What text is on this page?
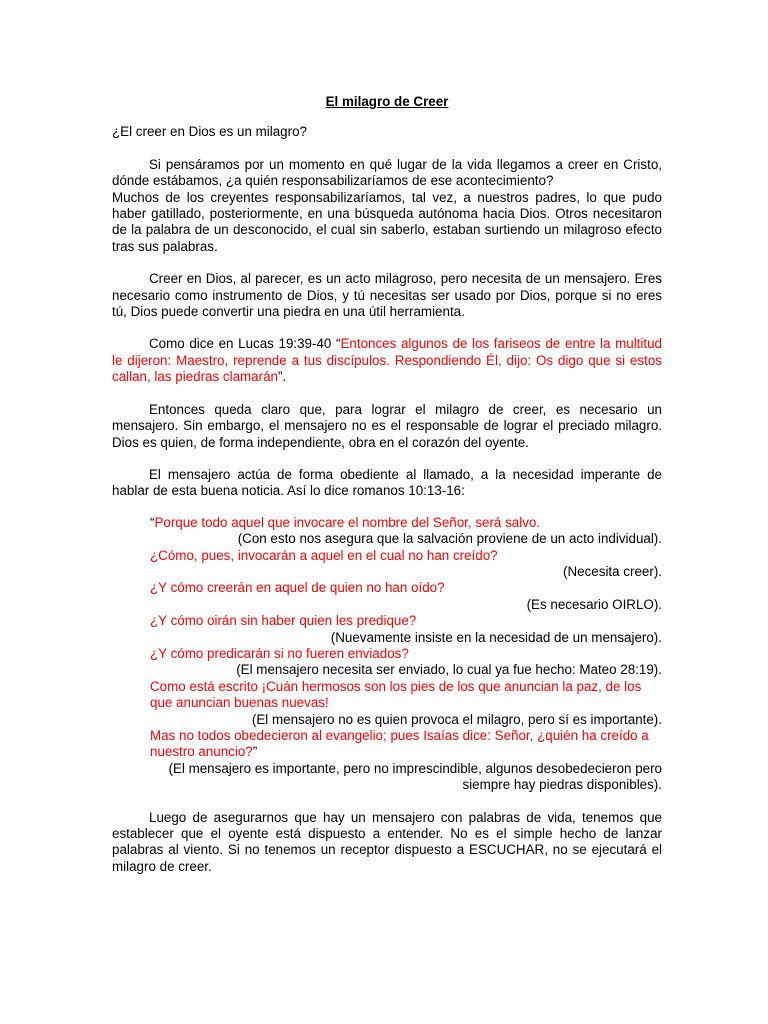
El milagro de Creer

¿El creer en Dios es un milagro?

Si pensáramos por un momento en qué lugar de la vida llegamos a creer en Cristo, dónde estábamos, ¿a quién responsabilizaríamos de ese acontecimiento?

Muchos de los creyentes responsabilizaríamos, tal vez, a nuestros padres, lo que pudo haber gatillado, posteriormente, en una búsqueda autónoma hacia Dios. Otros necesitaron de la palabra de un desconocido, el cual sin saberlo, estaban surtiendo un milagroso efecto tras sus palabras.

Creer en Dios, al parecer, es un acto milagroso, pero necesita de un mensajero. Eres necesario como instrumento de Dios, y tú necesitas ser usado por Dios, porque si no eres tú, Dios puede convertir una piedra en una útil herramienta.

Como dice en Lucas 19:39-40 “Entonces algunos de los fariseos de entre la multitud le dijeron: Maestro, reprende a tus discípulos. Respondiendo Él, dijo: Os digo que si estos callan, las piedras clamarán”.

Entonces queda claro que, para lograr el milagro de creer, es necesario un mensajero. Sin embargo, el mensajero no es el responsable de lograr el preciado milagro. Dios es quien, de forma independiente, obra en el corazón del oyente.

El mensajero actúa de forma obediente al llamado, a la necesidad imperante de hablar de esta buena noticia. Así lo dice romanos 10:13-16:

“Porque todo aquel que invocare el nombre del Señor, será salvo.

(Con esto nos asegura que la salvación proviene de un acto individual).

¿Cómo, pues, invocarán a aquel en el cual no han creído?

(Necesita creer).

¿Y cómo creerán en aquel de quien no han oído?

(Es necesario OIRLO).

¿Y cómo oirán sin haber quien les predique?

(Nuevamente insiste en la necesidad de un mensajero).

¿Y cómo predicarán si no fueren enviados?

(El mensajero necesita ser enviado, lo cual ya fue hecho: Mateo 28:19).

Como está escrito ¡Cuán hermosos son los pies de los que anuncian la paz, de los que anuncian buenas nuevas!

(El mensajero no es quien provoca el milagro, pero sí es importante).

Mas no todos obedecieron al evangelio; pues Isaías dice: Señor, ¿quién ha creído a nuestro anuncio?”

(El mensajero es importante, pero no imprescindible, algunos desobedecieron pero siempre hay piedras disponibles).

Luego de asegurarnos que hay un mensajero con palabras de vida, tenemos que establecer que el oyente está dispuesto a entender. No es el simple hecho de lanzar palabras al viento. Si no tenemos un receptor dispuesto a ESCUCHAR, no se ejecutará el milagro de creer.
